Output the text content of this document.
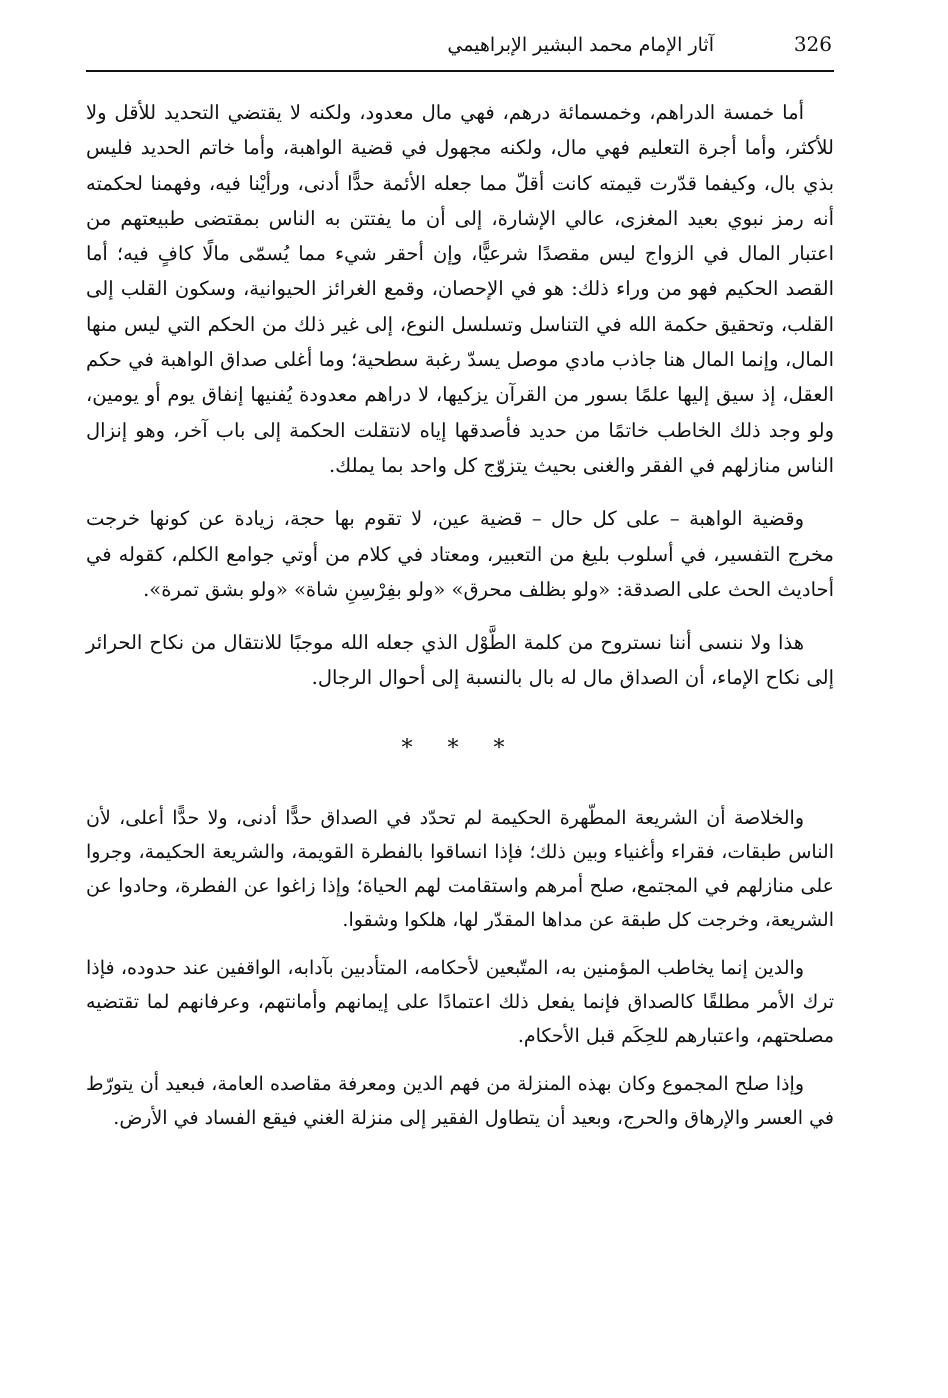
326
آثار الإمام محمد البشير الإبراهيمي

أما خمسة الدراهم، وخمسمائة درهم، فهي مال معدود، ولكنه لا يقتضي التحديد للأقل ولا للأكثر، وأما أجرة التعليم فهي مال، ولكنه مجهول في قضية الواهبة، وأما خاتم الحديد فليس بذي بال، وكيفما قدّرت قيمته كانت أقلّ مما جعله الأئمة حدًّا أدنى، ورأيْنا فيه، وفهمنا لحكمته أنه رمز نبوي بعيد المغزى، عالي الإشارة، إلى أن ما يفتتن به الناس بمقتضى طبيعتهم من اعتبار المال في الزواج ليس مقصدًا شرعيًّا، وإن أحقر شيء مما يُسمّى مالًا كافٍ فيه؛ أما القصد الحكيم فهو من وراء ذلك: هو في الإحصان، وقمع الغرائز الحيوانية، وسكون القلب إلى القلب، وتحقيق حكمة الله في التناسل وتسلسل النوع، إلى غير ذلك من الحكم التي ليس منها المال، وإنما المال هنا جاذب مادي موصل يسدّ رغبة سطحية؛ وما أغلى صداق الواهبة في حكم العقل، إذ سيق إليها علمًا بسور من القرآن يزكيها، لا دراهم معدودة يُفنيها إنفاق يوم أو يومين، ولو وجد ذلك الخاطب خاتمًا من حديد فأصدقها إياه لانتقلت الحكمة إلى باب آخر، وهو إنزال الناس منازلهم في الفقر والغنى بحيث يتزوّج كل واحد بما يملك.

وقضية الواهبة – على كل حال – قضية عين، لا تقوم بها حجة، زيادة عن كونها خرجت مخرج التفسير، في أسلوب بليغ من التعبير، ومعتاد في كلام من أوتي جوامع الكلم، كقوله في أحاديث الحث على الصدقة: «ولو بظلف محرق» «ولو بفِرْسِنِ شاة» «ولو بشق تمرة».

هذا ولا ننسى أننا نستروح من كلمة الطَّوْل الذي جعله الله موجبًا للانتقال من نكاح الحرائر إلى نكاح الإماء، أن الصداق مال له بال بالنسبة إلى أحوال الرجال.

* * *

والخلاصة أن الشريعة المطّهرة الحكيمة لم تحدّد في الصداق حدًّا أدنى، ولا حدًّا أعلى، لأن الناس طبقات، فقراء وأغنياء وبين ذلك؛ فإذا انساقوا بالفطرة القويمة، والشريعة الحكيمة، وجروا على منازلهم في المجتمع، صلح أمرهم واستقامت لهم الحياة؛ وإذا زاغوا عن الفطرة، وحادوا عن الشريعة، وخرجت كل طبقة عن مداها المقدّر لها، هلكوا وشقوا.

والدين إنما يخاطب المؤمنين به، المتّبعين لأحكامه، المتأدبين بآدابه، الواقفين عند حدوده، فإذا ترك الأمر مطلقًا كالصداق فإنما يفعل ذلك اعتمادًا على إيمانهم وأمانتهم، وعرفانهم لما تقتضيه مصلحتهم، واعتبارهم للحِكَم قبل الأحكام.

وإذا صلح المجموع وكان بهذه المنزلة من فهم الدين ومعرفة مقاصده العامة، فبعيد أن يتورّط في العسر والإرهاق والحرج، وبعيد أن يتطاول الفقير إلى منزلة الغني فيقع الفساد في الأرض.
